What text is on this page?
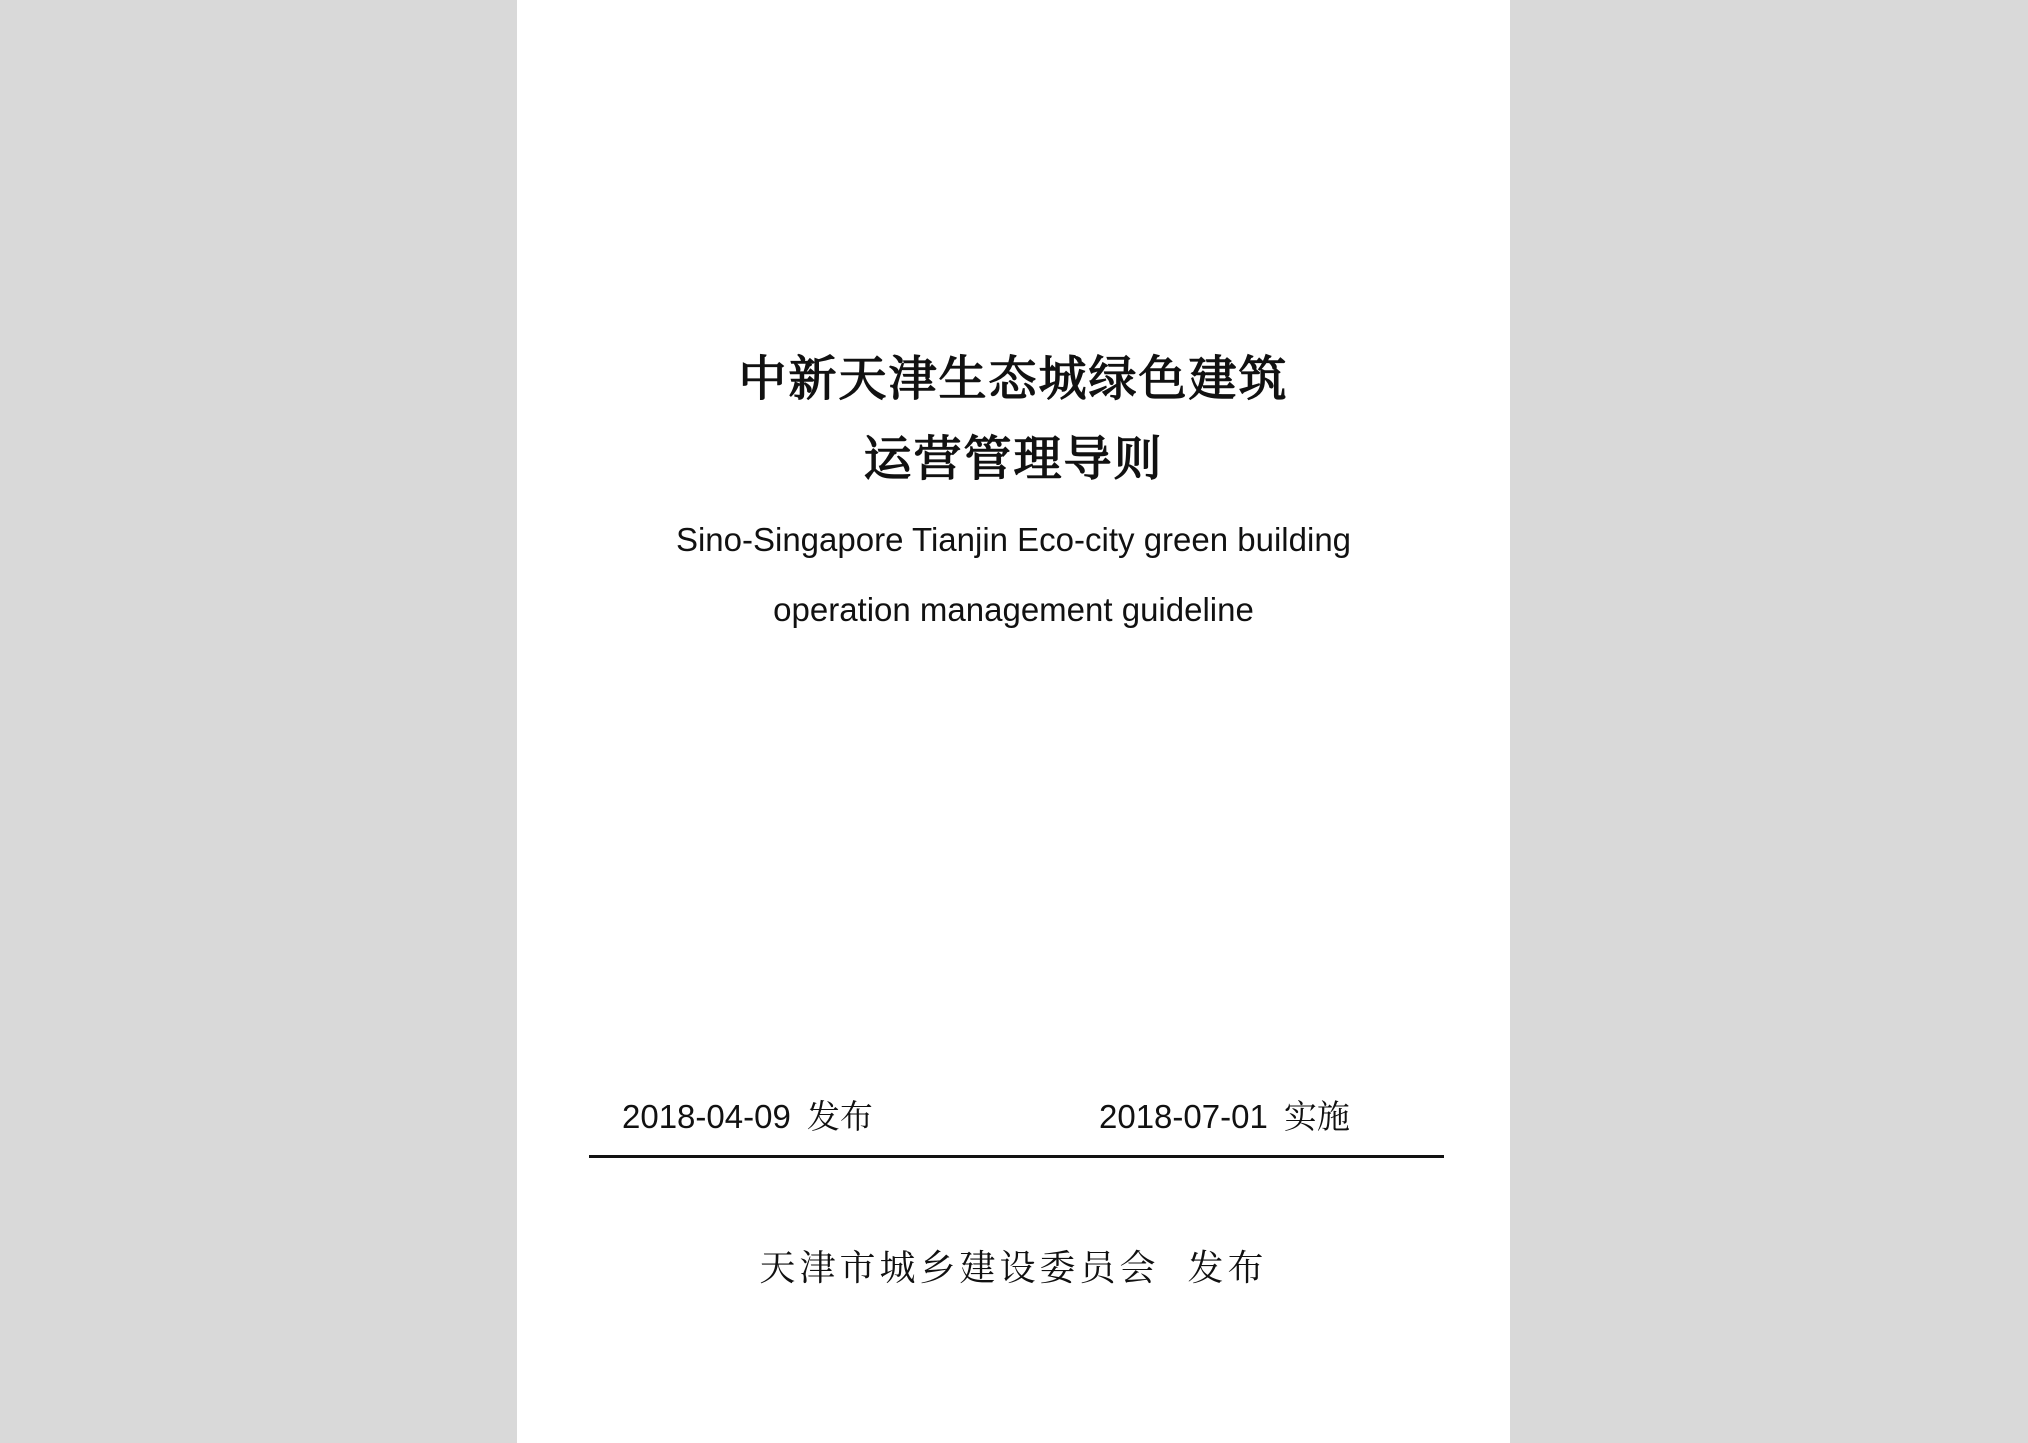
中新天津生态城绿色建筑
运营管理导则
Sino-Singapore Tianjin Eco-city green building
operation management guideline
2018-04-09 发布	2018-07-01 实施
天津市城乡建设委员会 发布
